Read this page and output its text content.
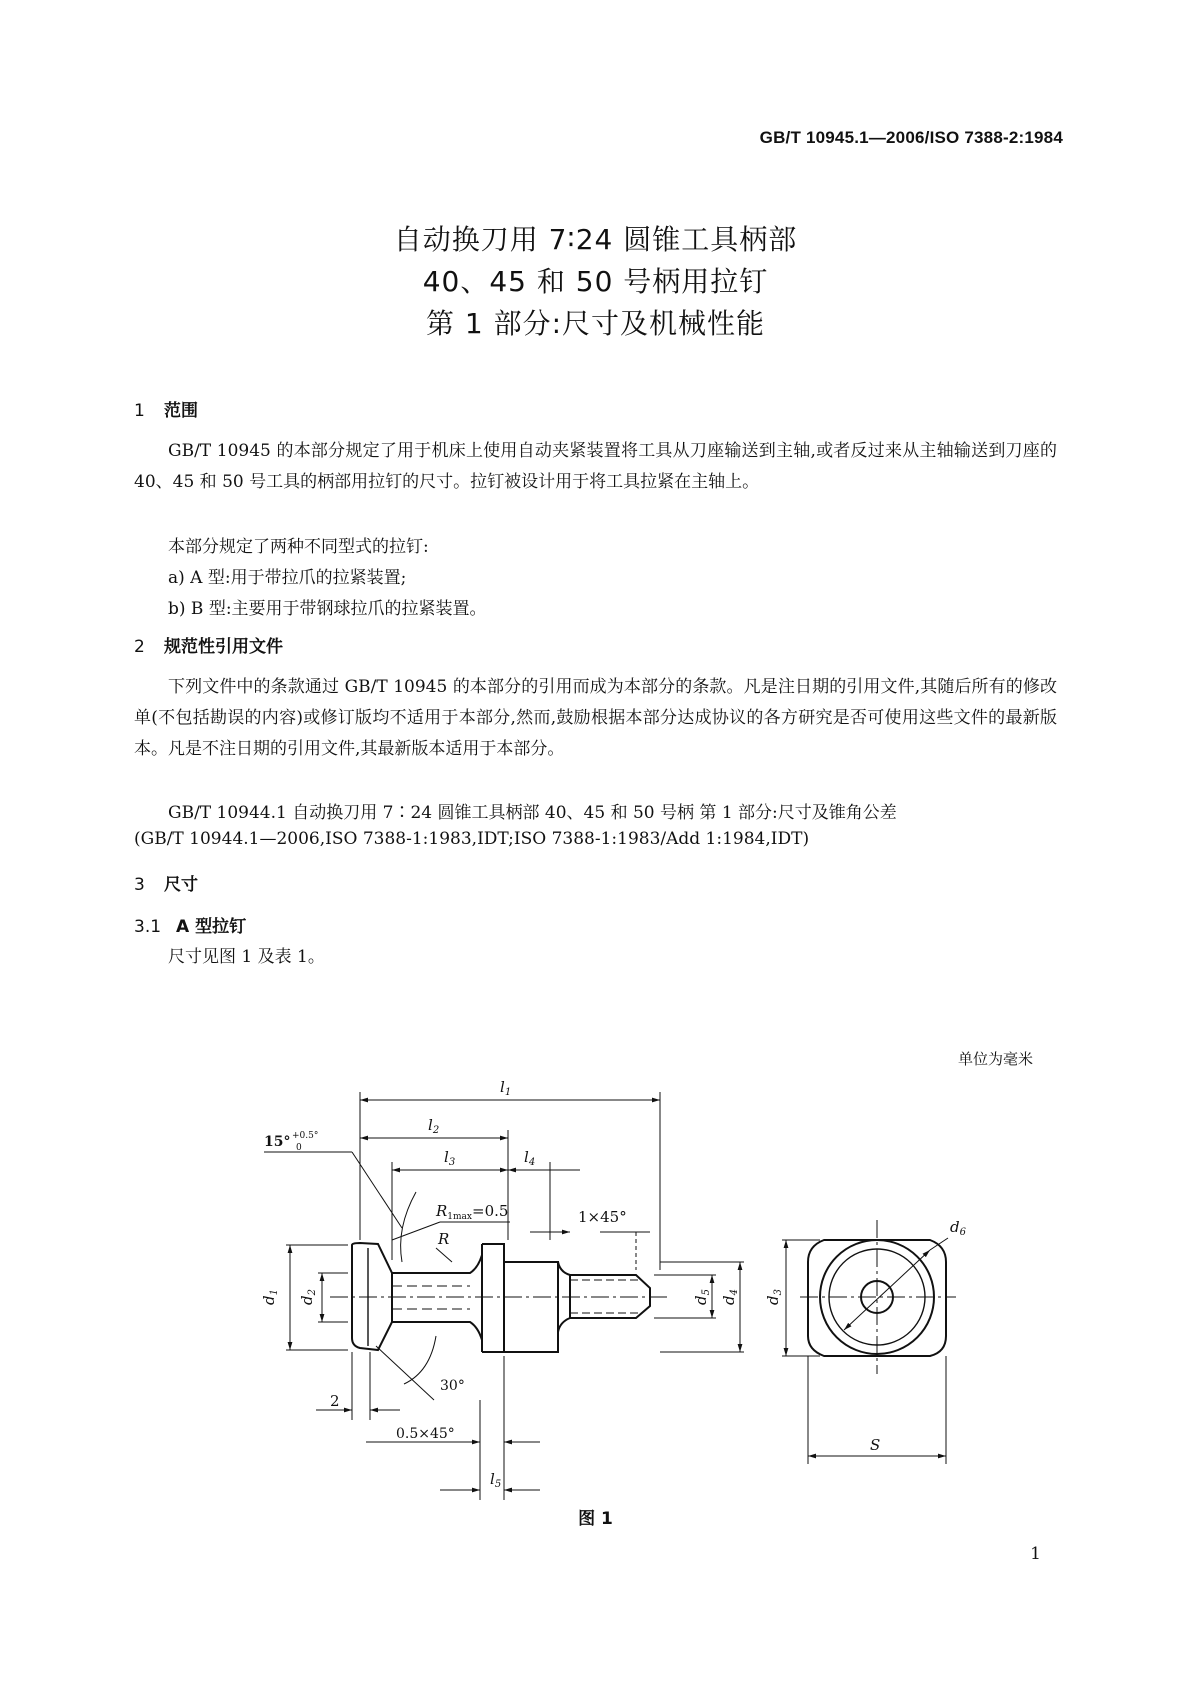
GB/T 10945.1—2006/ISO 7388-2:1984
自动换刀用 7∶24 圆锥工具柄部
40、45 和 50 号柄用拉钉
第 1 部分:尺寸及机械性能
1 范围

GB/T 10945 的本部分规定了用于机床上使用自动夹紧装置将工具从刀座输送到主轴,或者反过来从主轴输送到刀座的 40、45 和 50 号工具的柄部用拉钉的尺寸。拉钉被设计用于将工具拉紧在主轴上。

本部分规定了两种不同型式的拉钉:
a) A 型:用于带拉爪的拉紧装置;
b) B 型:主要用于带钢球拉爪的拉紧装置。
2 规范性引用文件

下列文件中的条款通过 GB/T 10945 的本部分的引用而成为本部分的条款。凡是注日期的引用文件,其随后所有的修改单(不包括勘误的内容)或修订版均不适用于本部分,然而,鼓励根据本部分达成协议的各方研究是否可使用这些文件的最新版本。凡是不注日期的引用文件,其最新版本适用于本部分。

GB/T 10944.1 自动换刀用 7∶24 圆锥工具柄部 40、45 和 50 号柄 第 1 部分:尺寸及锥角公差
(GB/T 10944.1—2006,ISO 7388-1:1983,IDT;ISO 7388-1:1983/Add 1:1984,IDT)
3 尺寸
3.1 A 型拉钉
尺寸见图 1 及表 1。
单位为毫米
$l_1$
$l_2$
$l_3$	$l_4$
$l_5$
15° +0.5°
0
$R_{1max}=0.5$
R
1×45°
0.5×45°
30°
2
$d_1$
$d_2$
$d_5$
$d_4$
$d_3$
$d_6$
S
图 1
1
